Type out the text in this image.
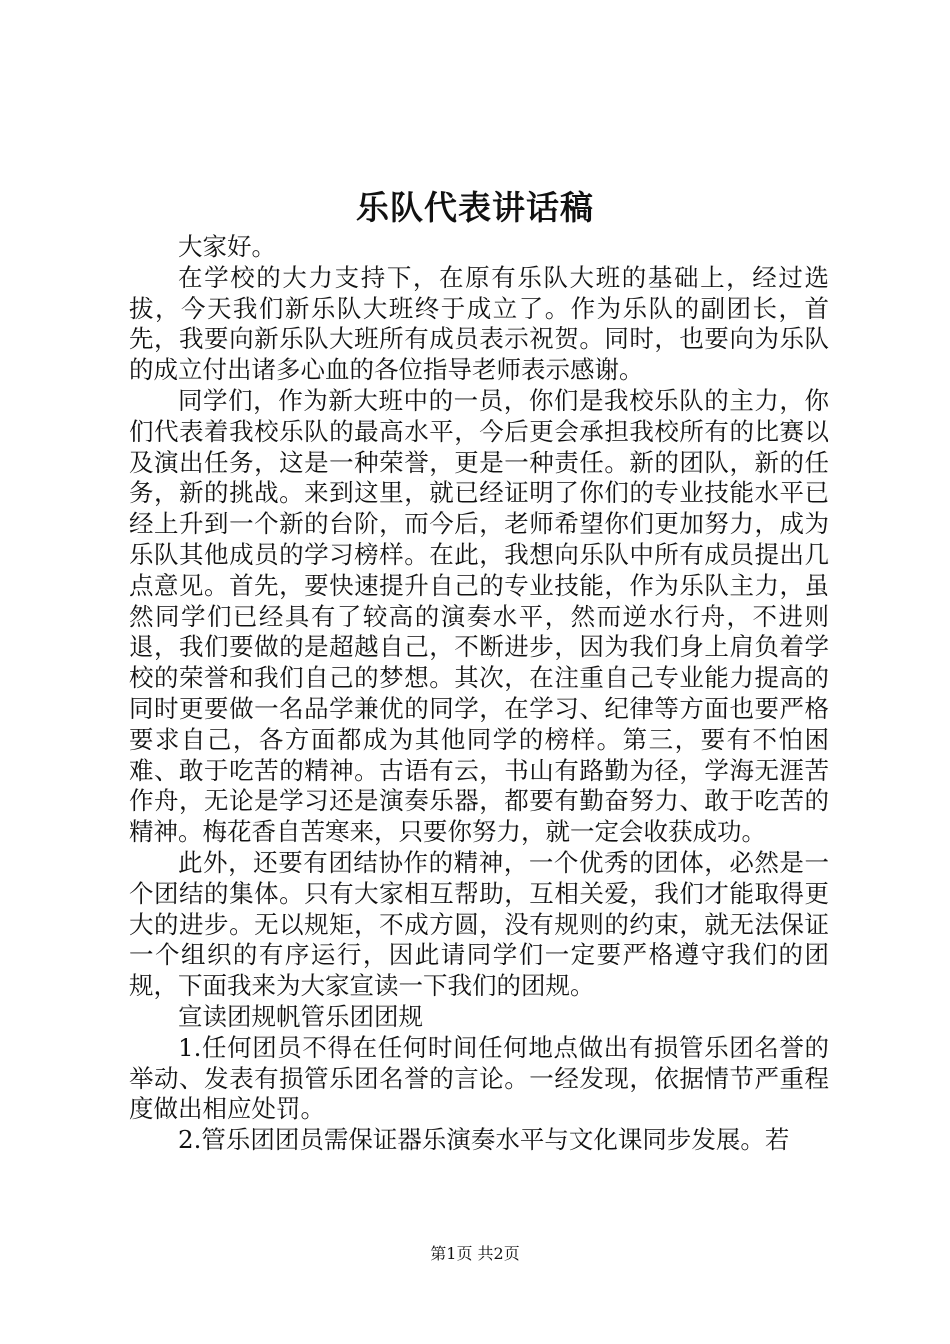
乐队代表讲话稿

大家好。

在学校的大力支持下，在原有乐队大班的基础上，经过选拔，今天我们新乐队大班终于成立了。作为乐队的副团长，首先，我要向新乐队大班所有成员表示祝贺。同时，也要向为乐队的成立付出诸多心血的各位指导老师表示感谢。

同学们，作为新大班中的一员，你们是我校乐队的主力，你们代表着我校乐队的最高水平，今后更会承担我校所有的比赛以及演出任务，这是一种荣誉，更是一种责任。新的团队，新的任务，新的挑战。来到这里，就已经证明了你们的专业技能水平已经上升到一个新的台阶，而今后，老师希望你们更加努力，成为乐队其他成员的学习榜样。在此，我想向乐队中所有成员提出几点意见。首先，要快速提升自己的专业技能，作为乐队主力，虽然同学们已经具有了较高的演奏水平，然而逆水行舟，不进则退，我们要做的是超越自己，不断进步，因为我们身上肩负着学校的荣誉和我们自己的梦想。其次，在注重自己专业能力提高的同时更要做一名品学兼优的同学，在学习、纪律等方面也要严格要求自己，各方面都成为其他同学的榜样。第三，要有不怕困难、敢于吃苦的精神。古语有云，书山有路勤为径，学海无涯苦作舟，无论是学习还是演奏乐器，都要有勤奋努力、敢于吃苦的精神。梅花香自苦寒来，只要你努力，就一定会收获成功。

此外，还要有团结协作的精神，一个优秀的团体，必然是一个团结的集体。只有大家相互帮助，互相关爱，我们才能取得更大的进步。无以规矩，不成方圆，没有规则的约束，就无法保证一个组织的有序运行，因此请同学们一定要严格遵守我们的团规，下面我来为大家宣读一下我们的团规。

宣读团规帆管乐团团规

1.任何团员不得在任何时间任何地点做出有损管乐团名誉的举动、发表有损管乐团名誉的言论。一经发现，依据情节严重程度做出相应处罚。

2.管乐团团员需保证器乐演奏水平与文化课同步发展。若

第1页 共2页
